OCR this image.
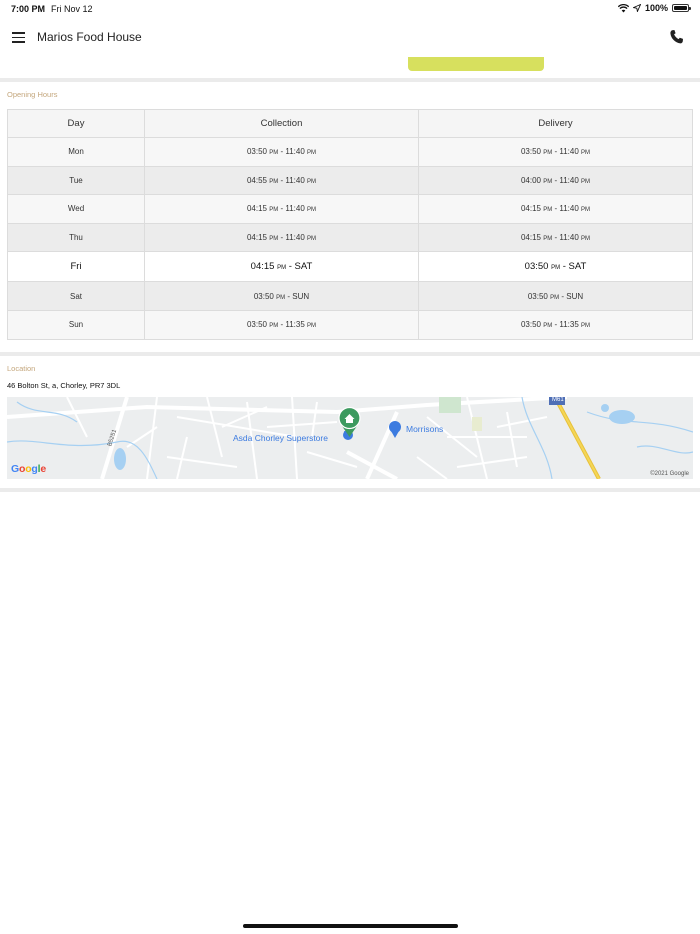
7:00 PM Fri Nov 12	100%
Marios Food House
Opening Hours
Day	Collection	Delivery
Mon	03:50 PM - 11:40 PM	03:50 PM - 11:40 PM
Tue	04:55 PM - 11:40 PM	04:00 PM - 11:40 PM
Wed	04:15 PM - 11:40 PM	04:15 PM - 11:40 PM
Thu	04:15 PM - 11:40 PM	04:15 PM - 11:40 PM
Fri	04:15 PM - SAT	03:50 PM - SAT
Sat	03:50 PM - SUN	03:50 PM - SUN
Sun	03:50 PM - 11:35 PM	03:50 PM - 11:35 PM
Location
46 Bolton St, a, Chorley, PR7 3DL
Asda Chorley Superstore
Morrisons
B5251
M61
Google	©2021 Google
